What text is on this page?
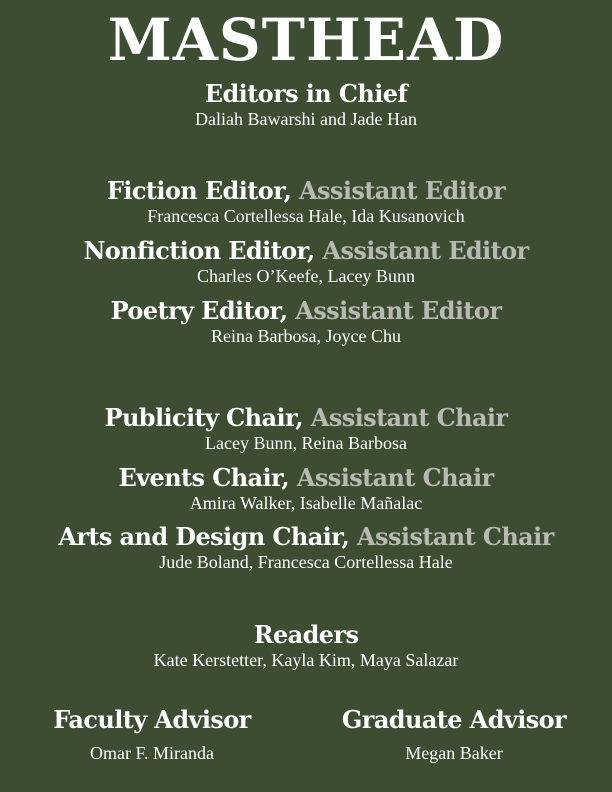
MASTHEAD
Editors in Chief
Daliah Bawarshi and Jade Han
Fiction Editor, Assistant Editor
Francesca Cortellessa Hale, Ida Kusanovich
Nonfiction Editor, Assistant Editor
Charles O’Keefe, Lacey Bunn
Poetry Editor, Assistant Editor
Reina Barbosa, Joyce Chu
Publicity Chair, Assistant Chair
Lacey Bunn, Reina Barbosa
Events Chair, Assistant Chair
Amira Walker, Isabelle Mañalac
Arts and Design Chair, Assistant Chair
Jude Boland, Francesca Cortellessa Hale
Readers
Kate Kerstetter, Kayla Kim, Maya Salazar
Faculty Advisor
Omar F. Miranda
Graduate Advisor
Megan Baker
